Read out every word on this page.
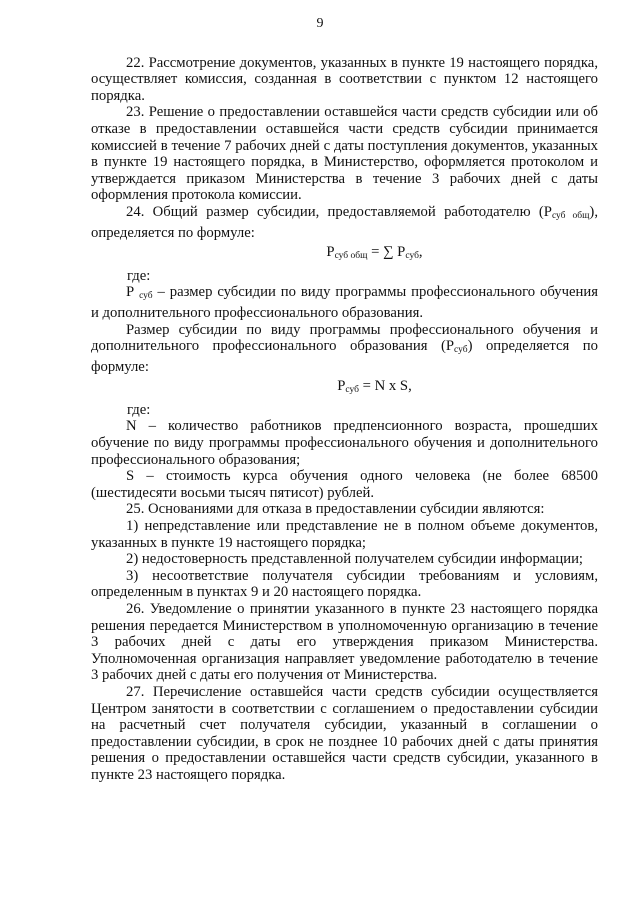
9

22. Рассмотрение документов, указанных в пункте 19 настоящего порядка, осуществляет комиссия, созданная в соответствии с пунктом 12 настоящего порядка.

23. Решение о предоставлении оставшейся части средств субсидии или об отказе в предоставлении оставшейся части средств субсидии принимается комиссией в течение 7 рабочих дней с даты поступления документов, указанных в пункте 19 настоящего порядка, в Министерство, оформляется протоколом и утверждается приказом Министерства в течение 3 рабочих дней с даты оформления протокола комиссии.

24. Общий размер субсидии, предоставляемой работодателю $(Р_{суб общ})$, определяется по формуле:

$Р_{суб общ}$ = ∑ $Р_{суб}$,

где:

Р $_{суб}$ – размер субсидии по виду программы профессионального обучения и дополнительного профессионального образования.

Размер субсидии по виду программы профессионального обучения и дополнительного профессионального образования $(Р_{суб})$ определяется по формуле:

$Р_{суб} = N$ x S,

где:

N – количество работников предпенсионного возраста, прошедших обучение по виду программы профессионального обучения и дополнительного профессионального образования;

S – стоимость курса обучения одного человека (не более 68500 (шестидесяти восьми тысяч пятисот) рублей.

25. Основаниями для отказа в предоставлении субсидии являются:

1) непредставление или представление не в полном объеме документов, указанных в пункте 19 настоящего порядка;

2) недостоверность представленной получателем субсидии информации;

3) несоответствие получателя субсидии требованиям и условиям, определенным в пунктах 9 и 20 настоящего порядка.

26. Уведомление о принятии указанного в пункте 23 настоящего порядка решения передается Министерством в уполномоченную организацию в течение 3 рабочих дней с даты его утверждения приказом Министерства. Уполномоченная организация направляет уведомление работодателю в течение 3 рабочих дней с даты его получения от Министерства.

27. Перечисление оставшейся части средств субсидии осуществляется Центром занятости в соответствии с соглашением о предоставлении субсидии на расчетный счет получателя субсидии, указанный в соглашении о предоставлении субсидии, в срок не позднее 10 рабочих дней с даты принятия решения о предоставлении оставшейся части средств субсидии, указанного в пункте 23 настоящего порядка.
